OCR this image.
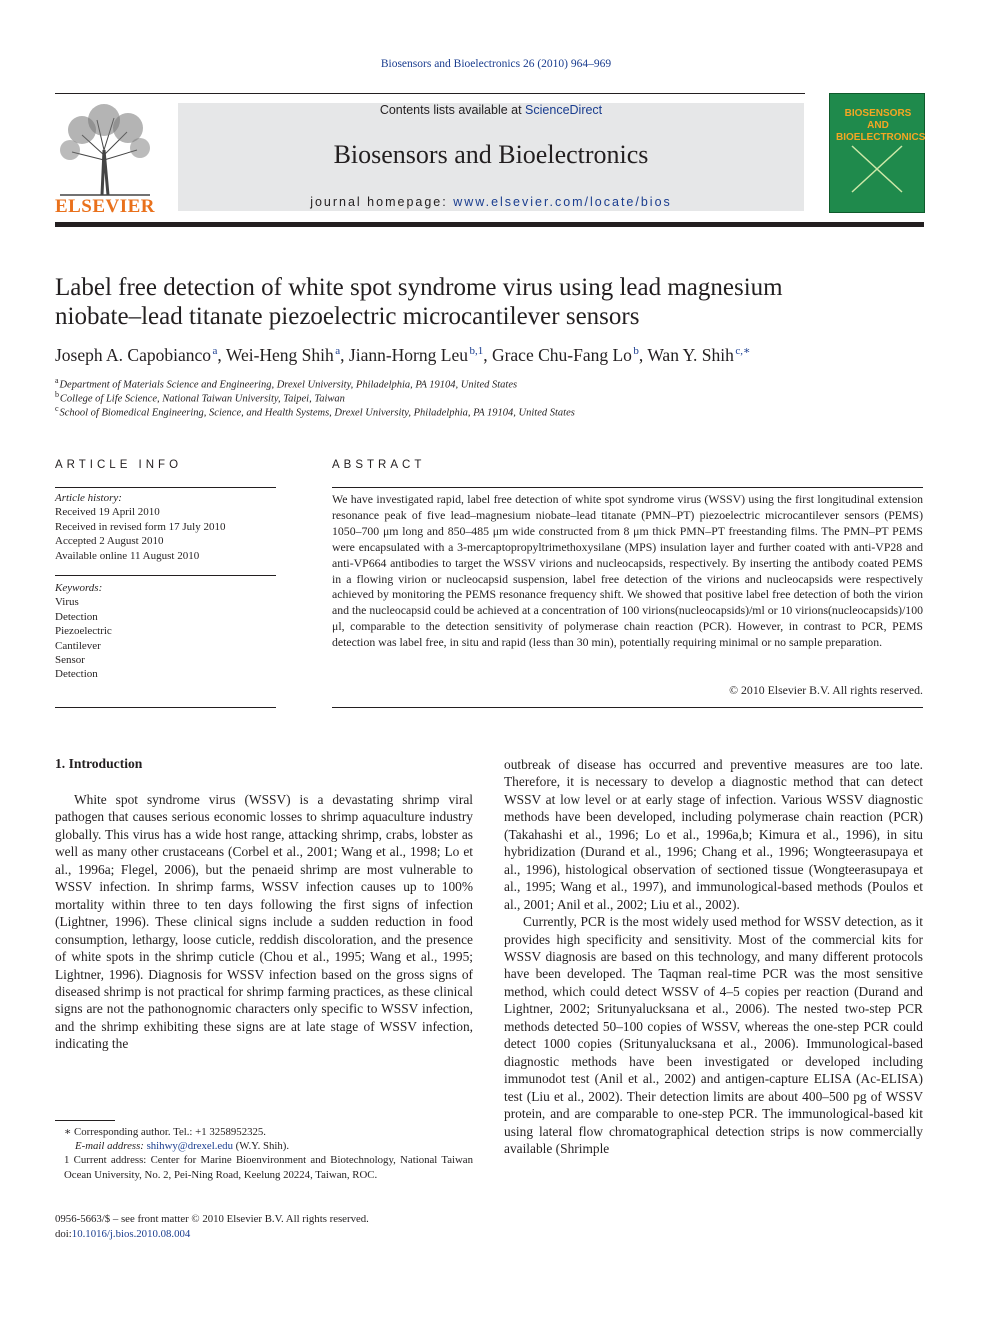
Biosensors and Bioelectronics 26 (2010) 964–969
ELSEVIER
Contents lists available at ScienceDirect
Biosensors and Bioelectronics
journal homepage: www.elsevier.com/locate/bios
BIOSENSORS AND BIOELECTRONICS
Label free detection of white spot syndrome virus using lead magnesium
niobate–lead titanate piezoelectric microcantilever sensors
Joseph A. Capobianco $^a$, Wei-Heng Shih $^a$, Jiann-Horng Leu $^{b,1}$, Grace Chu-Fang Lo $^b$, Wan Y. Shih $^{c,∗}$
$^a$ Department of Materials Science and Engineering, Drexel University, Philadelphia, PA 19104, United States
$^b$ College of Life Science, National Taiwan University, Taipei, Taiwan
$^c$ School of Biomedical Engineering, Science, and Health Systems, Drexel University, Philadelphia, PA 19104, United States
ARTICLE INFO
Article history:
Received 19 April 2010
Received in revised form 17 July 2010
Accepted 2 August 2010
Available online 11 August 2010
Keywords:
Virus
Detection
Piezoelectric
Cantilever
Sensor
Detection
ABSTRACT
We have investigated rapid, label free detection of white spot syndrome virus (WSSV) using the first longitudinal extension resonance peak of five lead–magnesium niobate–lead titanate (PMN–PT) piezoelectric microcantilever sensors (PEMS) 1050–700 μm long and 850–485 μm wide constructed from 8 μm thick PMN–PT freestanding films. The PMN–PT PEMS were encapsulated with a 3-mercaptopropyltrimethoxysilane (MPS) insulation layer and further coated with anti-VP28 and anti-VP664 antibodies to target the WSSV virions and nucleocapsids, respectively. By inserting the antibody coated PEMS in a flowing virion or nucleocapsid suspension, label free detection of the virions and nucleocapsids were respectively achieved by monitoring the PEMS resonance frequency shift. We showed that positive label free detection of both the virion and the nucleocapsid could be achieved at a concentration of 100 virions(nucleocapsids)/ml or 10 virions(nucleocapsids)/100 μl, comparable to the detection sensitivity of polymerase chain reaction (PCR). However, in contrast to PCR, PEMS detection was label free, in situ and rapid (less than 30 min), potentially requiring minimal or no sample preparation.
© 2010 Elsevier B.V. All rights reserved.
1. Introduction

White spot syndrome virus (WSSV) is a devastating shrimp viral pathogen that causes serious economic losses to shrimp aquaculture industry globally. This virus has a wide host range, attacking shrimp, crabs, lobster as well as many other crustaceans (Corbel et al., 2001; Wang et al., 1998; Lo et al., 1996a; Flegel, 2006), but the penaeid shrimp are most vulnerable to WSSV infection. In shrimp farms, WSSV infection causes up to 100% mortality within three to ten days following the first signs of infection (Lightner, 1996). These clinical signs include a sudden reduction in food consumption, lethargy, loose cuticle, reddish discoloration, and the presence of white spots in the shrimp cuticle (Chou et al., 1995; Wang et al., 1995; Lightner, 1996). Diagnosis for WSSV infection based on the gross signs of diseased shrimp is not practical for shrimp farming practices, as these clinical signs are not the pathonognomic characters only specific to WSSV infection, and the shrimp exhibiting these signs are at late stage of WSSV infection, indicating the

outbreak of disease has occurred and preventive measures are too late. Therefore, it is necessary to develop a diagnostic method that can detect WSSV at low level or at early stage of infection. Various WSSV diagnostic methods have been developed, including polymerase chain reaction (PCR) (Takahashi et al., 1996; Lo et al., 1996a,b; Kimura et al., 1996), in situ hybridization (Durand et al., 1996; Chang et al., 1996; Wongteerasupaya et al., 1996), histological observation of sectioned tissue (Wongteerasupaya et al., 1995; Wang et al., 1997), and immunological-based methods (Poulos et al., 2001; Anil et al., 2002; Liu et al., 2002).

Currently, PCR is the most widely used method for WSSV detection, as it provides high specificity and sensitivity. Most of the commercial kits for WSSV diagnosis are based on this technology, and many different protocols have been developed. The Taqman real-time PCR was the most sensitive method, which could detect WSSV of 4–5 copies per reaction (Durand and Lightner, 2002; Sritunyalucksana et al., 2006). The nested two-step PCR methods detected 50–100 copies of WSSV, whereas the one-step PCR could detect 1000 copies (Sritunyalucksana et al., 2006). Immunological-based diagnostic methods have been investigated or developed including immunodot test (Anil et al., 2002) and antigen-capture ELISA (Ac-ELISA) test (Liu et al., 2002). Their detection limits are about 400–500 pg of WSSV protein, and are comparable to one-step PCR. The immunological-based kit using lateral flow chromatographical detection strips is now commercially available (Shrimple

∗ Corresponding author. Tel.: +1 3258952325.
E-mail address: shihwy@drexel.edu (W.Y. Shih).
1 Current address: Center for Marine Bioenvironment and Biotechnology, National Taiwan Ocean University, No. 2, Pei-Ning Road, Keelung 20224, Taiwan, ROC.
0956-5663/$ – see front matter © 2010 Elsevier B.V. All rights reserved.
doi:10.1016/j.bios.2010.08.004
